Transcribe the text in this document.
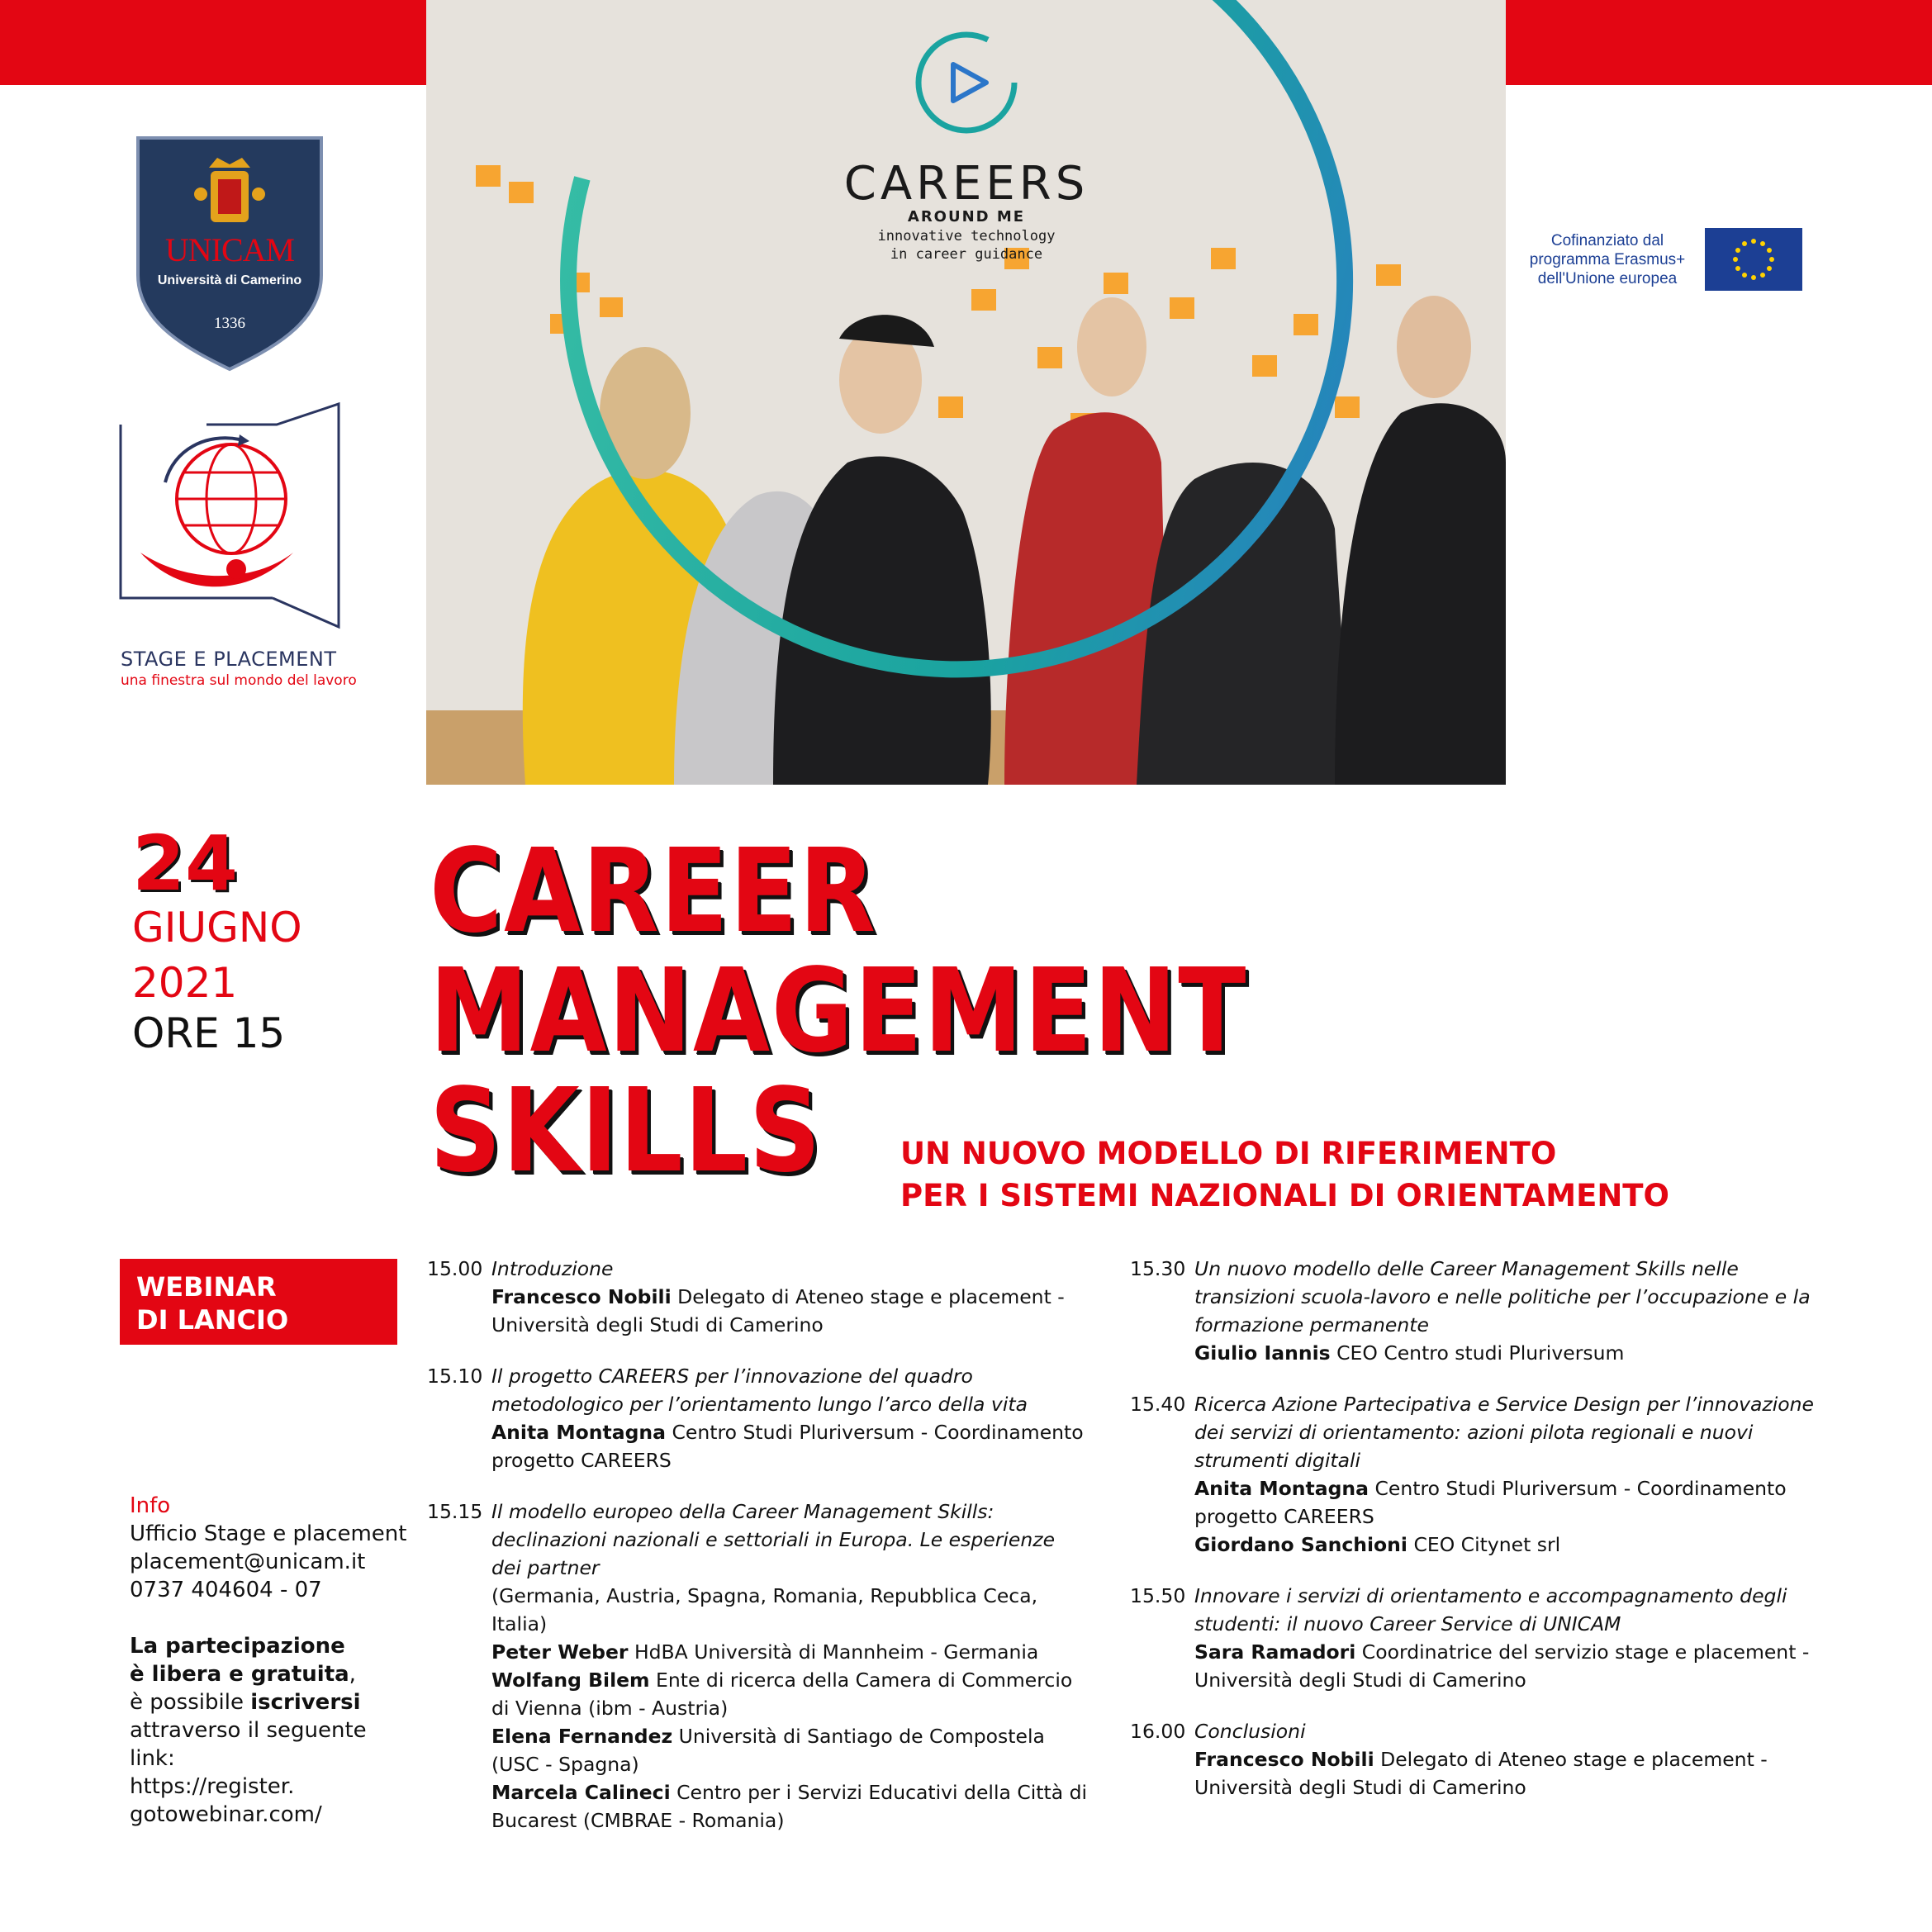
UNICAM
Università di Camerino
1336
STAGE E PLACEMENT
una finestra sul mondo del lavoro
CAREERS
AROUND ME
innovative technology
in career guidance
Cofinanziato dal
programma Erasmus+
dell'Unione europea
24
GIUGNO
2021
ORE 15
CAREER
MANAGEMENT
SKILLS	UN NUOVO MODELLO DI RIFERIMENTO
PER I SISTEMI NAZIONALI DI ORIENTAMENTO
WEBINAR
DI LANCIO
Info
Ufficio Stage e placement
placement@unicam.it
0737 404604 - 07
La partecipazione
è libera e gratuita,
è possibile iscriversi
attraverso il seguente link:
https://register.
gotowebinar.com/
15.00 Introduzione
Francesco Nobili Delegato di Ateneo stage e placement - Università degli Studi di Camerino
15.10 Il progetto CAREERS per l’innovazione del quadro metodologico per l’orientamento lungo l’arco della vita
Anita Montagna Centro Studi Pluriversum - Coordinamento progetto CAREERS
15.15 Il modello europeo della Career Management Skills: declinazioni nazionali e settoriali in Europa. Le esperienze dei partner
(Germania, Austria, Spagna, Romania, Repubblica Ceca, Italia)
Peter Weber HdBA Università di Mannheim - Germania
Wolfang Bilem Ente di ricerca della Camera di Commercio di Vienna (ibm - Austria)
Elena Fernandez Università di Santiago de Compostela (USC - Spagna)
Marcela Calineci Centro per i Servizi Educativi della Città di Bucarest (CMBRAE - Romania)
15.30 Un nuovo modello delle Career Management Skills nelle transizioni scuola-lavoro e nelle politiche per l’occupazione e la formazione permanente
Giulio Iannis CEO Centro studi Pluriversum
15.40 Ricerca Azione Partecipativa e Service Design per l’innovazione dei servizi di orientamento: azioni pilota regionali e nuovi strumenti digitali
Anita Montagna Centro Studi Pluriversum - Coordinamento progetto CAREERS
Giordano Sanchioni CEO Citynet srl
15.50 Innovare i servizi di orientamento e accompagnamento degli studenti: il nuovo Career Service di UNICAM
Sara Ramadori Coordinatrice del servizio stage e placement - Università degli Studi di Camerino
16.00 Conclusioni
Francesco Nobili Delegato di Ateneo stage e placement - Università degli Studi di Camerino
